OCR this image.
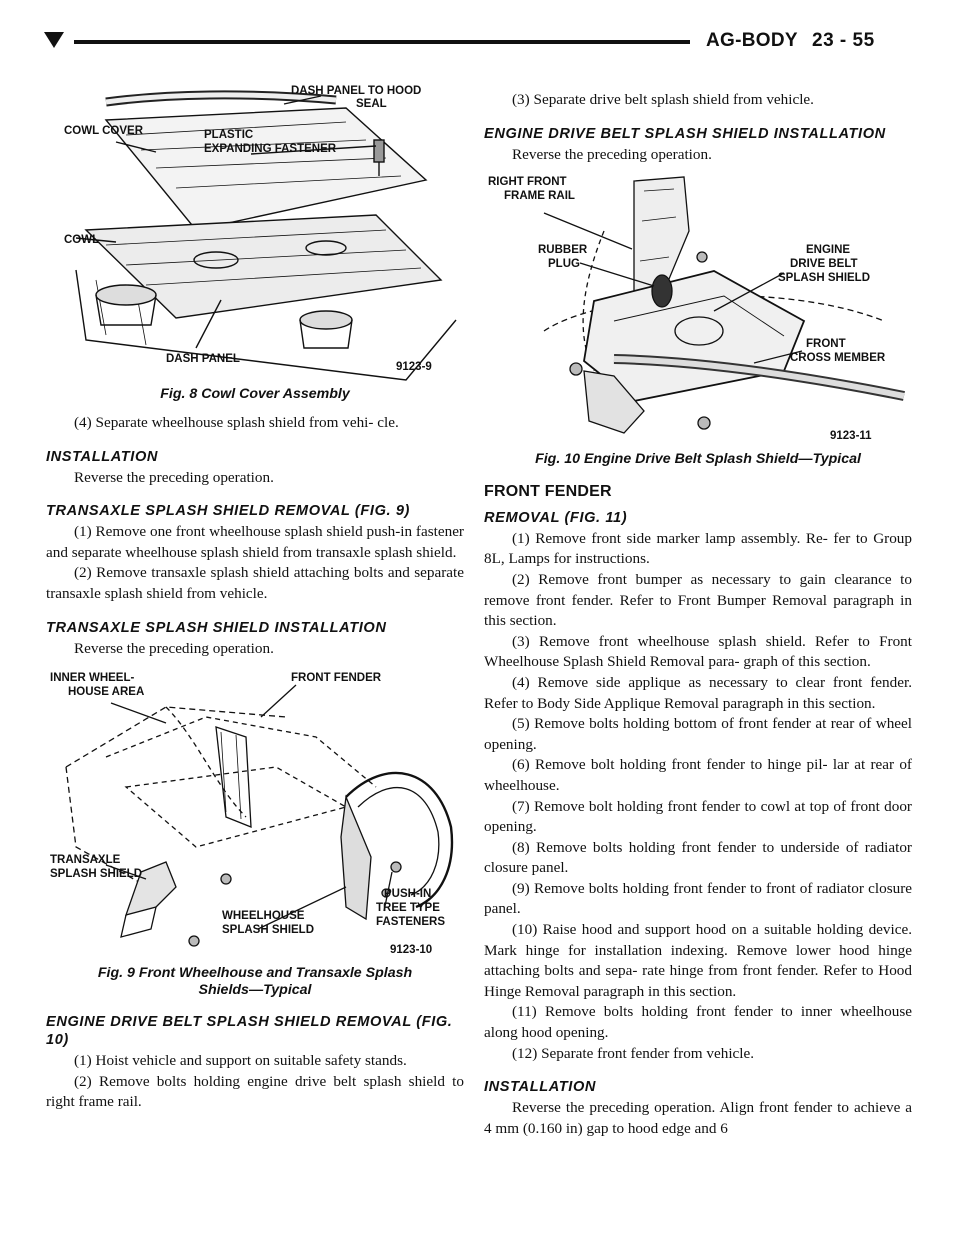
AG-BODY 23 - 55
DASH PANEL TO HOOD
SEAL
COWL COVER	PLASTIC
EXPANDING FASTENER
COWL
DASH PANEL
9123-9
Fig. 8 Cowl Cover Assembly

(4) Separate wheelhouse splash shield from vehi- cle.

INSTALLATION

Reverse the preceding operation.

TRANSAXLE SPLASH SHIELD REMOVAL (FIG. 9)

(1) Remove one front wheelhouse splash shield push-in fastener and separate wheelhouse splash shield from transaxle splash shield.

(2) Remove transaxle splash shield attaching bolts and separate transaxle splash shield from vehicle.

TRANSAXLE SPLASH SHIELD INSTALLATION

Reverse the preceding operation.

INNER WHEEL-
HOUSE AREA
FRONT FENDER
TRANSAXLE
SPLASH SHIELD
PUSH-IN
TREE TYPE
FASTENERS
WHEELHOUSE
SPLASH SHIELD
9123-10
Fig. 9 Front Wheelhouse and Transaxle Splash
Shields—Typical
ENGINE DRIVE BELT SPLASH SHIELD REMOVAL (FIG. 10)

(1) Hoist vehicle and support on suitable safety stands.

(2) Remove bolts holding engine drive belt splash shield to right frame rail.

(3) Separate drive belt splash shield from vehicle.

ENGINE DRIVE BELT SPLASH SHIELD INSTALLATION

Reverse the preceding operation.

RIGHT FRONT
FRAME RAIL
RUBBER
PLUG
ENGINE
DRIVE BELT
SPLASH SHIELD
FRONT
CROSS MEMBER
9123-11
Fig. 10 Engine Drive Belt Splash Shield—Typical
FRONT FENDER
REMOVAL (FIG. 11)

(1) Remove front side marker lamp assembly. Re- fer to Group 8L, Lamps for instructions.

(2) Remove front bumper as necessary to gain clearance to remove front fender. Refer to Front Bumper Removal paragraph in this section.

(3) Remove front wheelhouse splash shield. Refer to Front Wheelhouse Splash Shield Removal para- graph of this section.

(4) Remove side applique as necessary to clear front fender. Refer to Body Side Applique Removal paragraph in this section.

(5) Remove bolts holding bottom of front fender at rear of wheel opening.

(6) Remove bolt holding front fender to hinge pil- lar at rear of wheelhouse.

(7) Remove bolt holding front fender to cowl at top of front door opening.

(8) Remove bolts holding front fender to underside of radiator closure panel.

(9) Remove bolts holding front fender to front of radiator closure panel.

(10) Raise hood and support hood on a suitable holding device. Mark hinge for installation indexing. Remove lower hood hinge attaching bolts and sepa- rate hinge from front fender. Refer to Hood Hinge Removal paragraph in this section.

(11) Remove bolts holding front fender to inner wheelhouse along hood opening.

(12) Separate front fender from vehicle.

INSTALLATION

Reverse the preceding operation. Align front fender to achieve a 4 mm (0.160 in) gap to hood edge and 6
